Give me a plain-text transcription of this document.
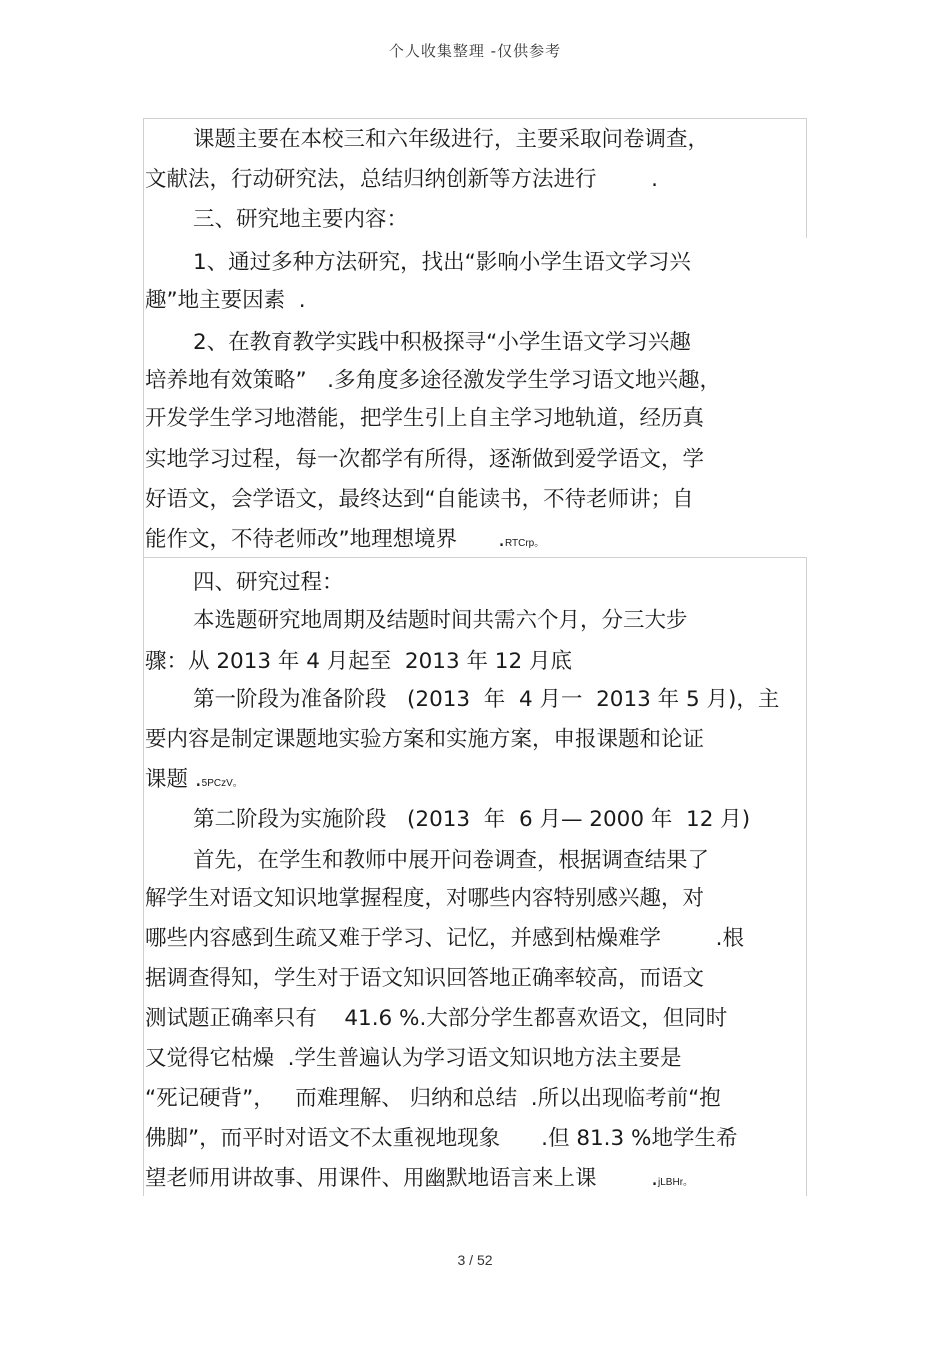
个人收集整理 -仅供参考
课题主要在本校三和六年级进行，主要采取问卷调查，
文献法，行动研究法，总结归纳创新等方法进行        .
三、研究地主要内容：
1、通过多种方法研究，找出“影响小学生语文学习兴
趣”地主要因素  .
2、在教育教学实践中积极探寻“小学生语文学习兴趣
培养地有效策略”   .多角度多途径激发学生学习语文地兴趣，
开发学生学习地潜能，把学生引上自主学习地轨道，经历真
实地学习过程，每一次都学有所得，逐渐做到爱学语文，学
好语文，会学语文，最终达到“自能读书，不待老师讲；自
能作文，不待老师改”地理想境界      .RTCrp。
四、研究过程：
本选题研究地周期及结题时间共需六个月，分三大步
骤：从 2013 年 4 月起至  2013 年 12 月底
第一阶段为准备阶段   (2013  年  4 月一  2013 年 5 月)，主
要内容是制定课题地实验方案和实施方案，申报课题和论证
课题 .5PCzV。
第二阶段为实施阶段   (2013  年  6 月— 2000 年  12 月)
首先，在学生和教师中展开问卷调查，根据调查结果了
解学生对语文知识地掌握程度，对哪些内容特别感兴趣，对
哪些内容感到生疏又难于学习、记忆，并感到枯燥难学        .根
据调查得知，学生对于语文知识回答地正确率较高，而语文
测试题正确率只有    41.6 %.大部分学生都喜欢语文，但同时
又觉得它枯燥  .学生普遍认为学习语文知识地方法主要是
“死记硬背”，   而难理解、 归纳和总结  .所以出现临考前“抱
佛脚”，而平时对语文不太重视地现象      .但 81.3 %地学生希
望老师用讲故事、用课件、用幽默地语言来上课        .jLBHr。
3 / 52
